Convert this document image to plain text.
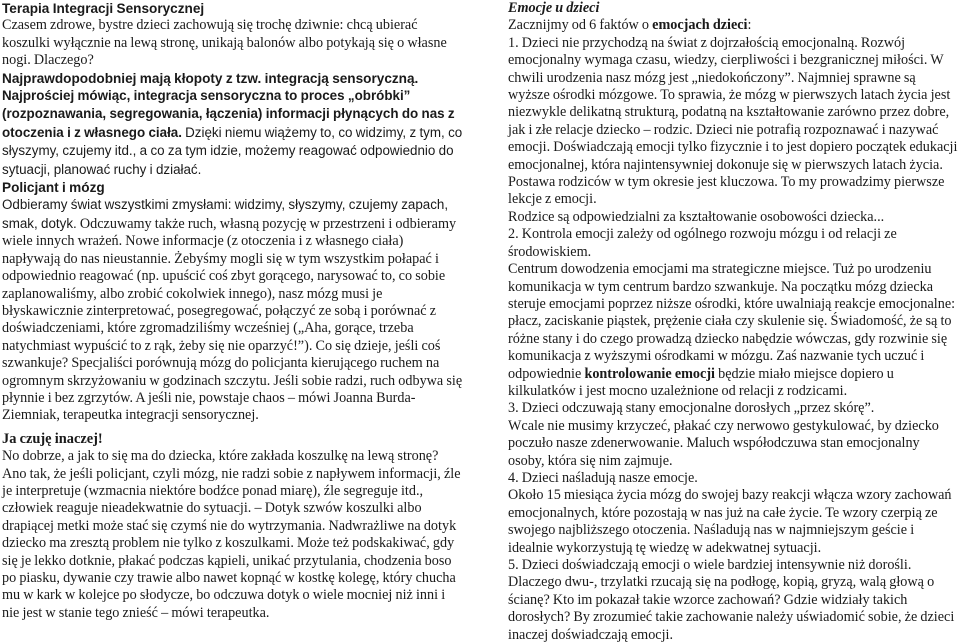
Terapia Integracji Sensorycznej

Czasem zdrowe, bystre dzieci zachowują się trochę dziwnie: chcą ubierać koszulki wyłącznie na lewą stronę, unikają balonów albo potykają się o własne nogi. Dlaczego?

Najprawdopodobniej mają kłopoty z tzw. integracją sensoryczną.

Najprościej mówiąc, integracja sensoryczna to proces „obróbki” (rozpoznawania, segregowania, łączenia) informacji płynących do nas z otoczenia i z własnego ciała. Dzięki niemu wiążemy to, co widzimy, z tym, co słyszymy, czujemy itd., a co za tym idzie, możemy reagować odpowiednio do sytuacji, planować ruchy i działać.

Policjant i mózg

Odbieramy świat wszystkimi zmysłami: widzimy, słyszymy, czujemy zapach, smak, dotyk. Odczuwamy także ruch, własną pozycję w przestrzeni i odbieramy wiele innych wrażeń. Nowe informacje (z otoczenia i z własnego ciała) napływają do nas nieustannie. Żebyśmy mogli się w tym wszystkim połapać i odpowiednio reagować (np. upuścić coś zbyt gorącego, narysować to, co sobie zaplanowaliśmy, albo zrobić cokolwiek innego), nasz mózg musi je błyskawicznie zinterpretować, posegregować, połączyć ze sobą i porównać z doświadczeniami, które zgromadziliśmy wcześniej („Aha, gorące, trzeba natychmiast wypuścić to z rąk, żeby się nie oparzyć!”). Co się dzieje, jeśli coś szwankuje? Specjaliści porównują mózg do policjanta kierującego ruchem na ogromnym skrzyżowaniu w godzinach szczytu. Jeśli sobie radzi, ruch odbywa się płynnie i bez zgrzytów. A jeśli nie, powstaje chaos – mówi Joanna Burda-Ziemniak, terapeutka integracji sensorycznej.

Ja czuję inaczej!

No dobrze, a jak to się ma do dziecka, które zakłada koszulkę na lewą stronę? Ano tak, że jeśli policjant, czyli mózg, nie radzi sobie z napływem informacji, źle je interpretuje (wzmacnia niektóre bodźce ponad miarę), źle segreguje itd., człowiek reaguje nieadekwatnie do sytuacji. – Dotyk szwów koszulki albo drapiącej metki może stać się czymś nie do wytrzymania. Nadwrażliwe na dotyk dziecko ma zresztą problem nie tylko z koszulkami. Może też podskakiwać, gdy się je lekko dotknie, płakać podczas kąpieli, unikać przytulania, chodzenia boso po piasku, dywanie czy trawie albo nawet kopnąć w kostkę kolegę, który chucha mu w kark w kolejce po słodycze, bo odczuwa dotyk o wiele mocniej niż inni i nie jest w stanie tego znieść – mówi terapeutka.

Emocje u dzieci

Zacznijmy od 6 faktów o emocjach dzieci:

1. Dzieci nie przychodzą na świat z dojrzałością emocjonalną. Rozwój emocjonalny wymaga czasu, wiedzy, cierpliwości i bezgranicznej miłości. W chwili urodzenia nasz mózg jest „niedokończony”. Najmniej sprawne są wyższe ośrodki mózgowe. To sprawia, że mózg w pierwszych latach życia jest niezwykle delikatną strukturą, podatną na kształtowanie zarówno przez dobre, jak i złe relacje dziecko – rodzic. Dzieci nie potrafią rozpoznawać i nazywać emocji. Doświadczają emocji tylko fizycznie i to jest dopiero początek edukacji emocjonalnej, która najintensywniej dokonuje się w pierwszych latach życia. Postawa rodziców w tym okresie jest kluczowa. To my prowadzimy pierwsze lekcje z emocji.

Rodzice są odpowiedzialni za kształtowanie osobowości dziecka...

2. Kontrola emocji zależy od ogólnego rozwoju mózgu i od relacji ze środowiskiem.

Centrum dowodzenia emocjami ma strategiczne miejsce. Tuż po urodzeniu komunikacja w tym centrum bardzo szwankuje. Na początku mózg dziecka steruje emocjami poprzez niższe ośrodki, które uwalniają reakcje emocjonalne: płacz, zaciskanie piąstek, prężenie ciała czy skulenie się. Świadomość, że są to różne stany i do czego prowadzą dziecko nabędzie wówczas, gdy rozwinie się komunikacja z wyższymi ośrodkami w mózgu. Zaś nazwanie tych uczuć i odpowiednie kontrolowanie emocji będzie miało miejsce dopiero u kilkulatków i jest mocno uzależnione od relacji z rodzicami.

3. Dzieci odczuwają stany emocjonalne dorosłych „przez skórę”.

Wcale nie musimy krzyczeć, płakać czy nerwowo gestykulować, by dziecko poczuło nasze zdenerwowanie. Maluch współodczuwa stan emocjonalny osoby, która się nim zajmuje.

4. Dzieci naśladują nasze emocje.

Około 15 miesiąca życia mózg do swojej bazy reakcji włącza wzory zachowań emocjonalnych, które pozostają w nas już na całe życie. Te wzory czerpią ze swojego najbliższego otoczenia. Naśladują nas w najmniejszym geście i idealnie wykorzystują tę wiedzę w adekwatnej sytuacji.

5. Dzieci doświadczają emocji o wiele bardziej intensywnie niż dorośli. Dlaczego dwu-, trzylatki rzucają się na podłogę, kopią, gryzą, walą głową o ścianę? Kto im pokazał takie wzorce zachowań? Gdzie widziały takich dorosłych? By zrozumieć takie zachowanie należy uświadomić sobie, że dzieci inaczej doświadczają emocji.
